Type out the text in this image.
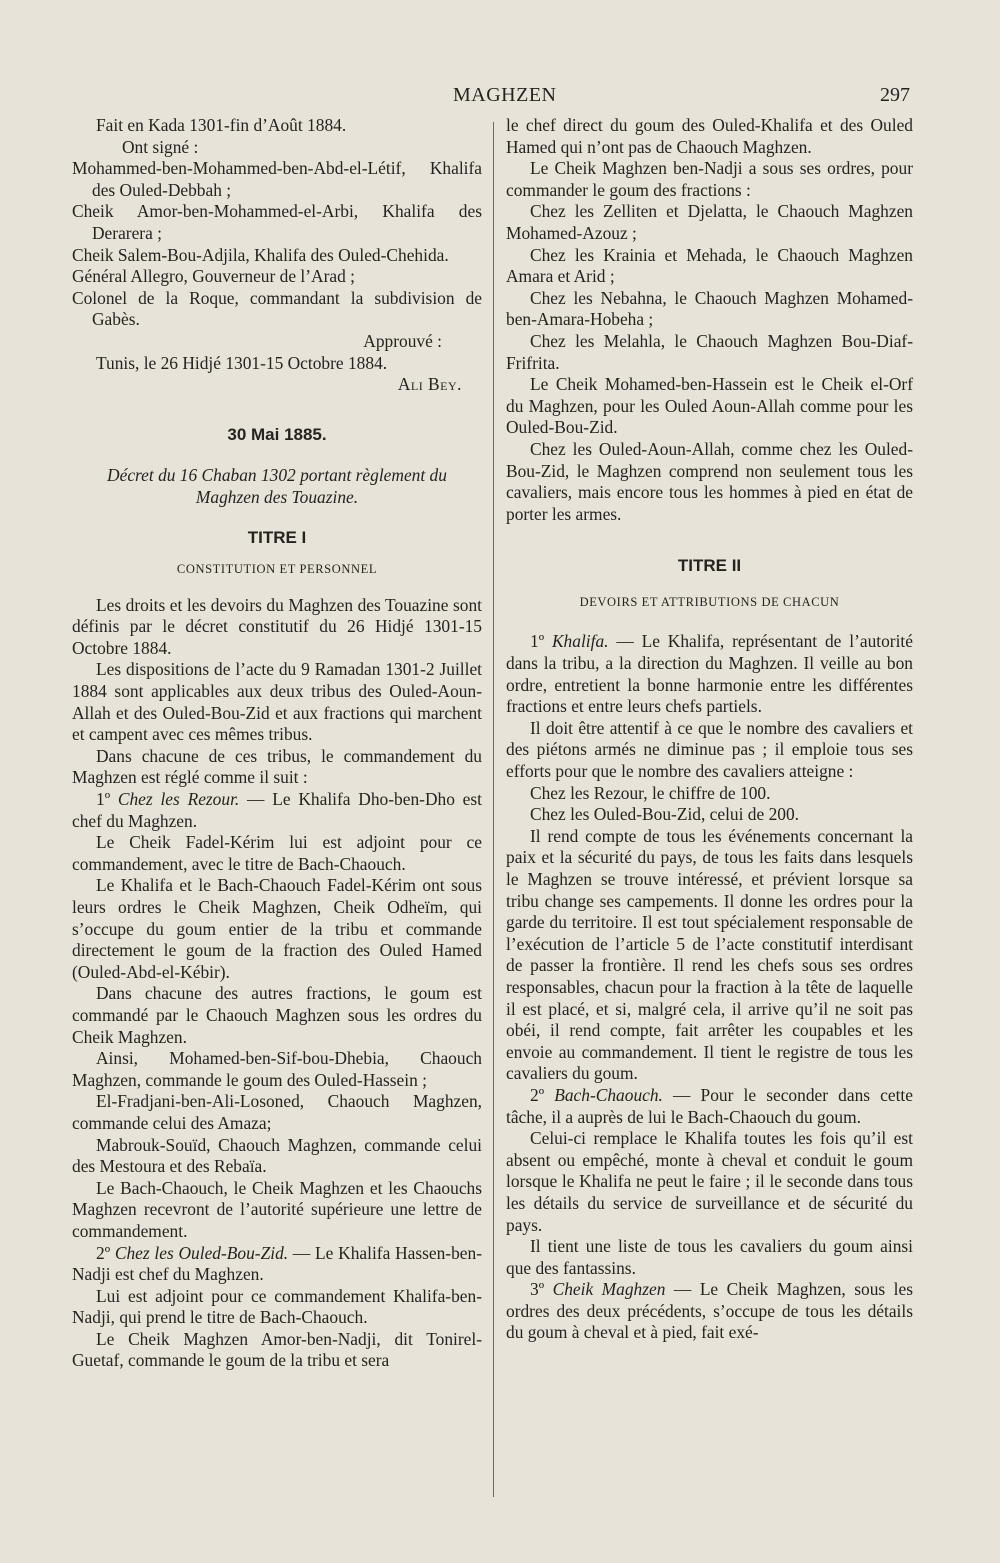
MAGHZEN	297

Fait en Kada 1301-fin d’Août 1884.

Ont signé :

Mohammed-ben-Mohammed-ben-Abd-el-Létif, Khalifa des Ouled-Debbah ;

Cheik Amor-ben-Mohammed-el-Arbi, Khalifa des Derarera ;

Cheik Salem-Bou-Adjila, Khalifa des Ouled-Chehida.

Général Allegro, Gouverneur de l’Arad ;

Colonel de la Roque, commandant la subdivision de Gabès.

Approuvé :

Tunis, le 26 Hidjé 1301-15 Octobre 1884.

Ali Bey.

30 Mai 1885.

Décret du 16 Chaban 1302 portant règlement du Maghzen des Touazine.

TITRE I

CONSTITUTION ET PERSONNEL

Les droits et les devoirs du Maghzen des Touazine sont définis par le décret constitutif du 26 Hidjé 1301-15 Octobre 1884.

Les dispositions de l’acte du 9 Ramadan 1301-2 Juillet 1884 sont applicables aux deux tribus des Ouled-Aoun-Allah et des Ouled-Bou-Zid et aux fractions qui marchent et campent avec ces mêmes tribus.

Dans chacune de ces tribus, le commandement du Maghzen est réglé comme il suit :

1º Chez les Rezour. — Le Khalifa Dho-ben-Dho est chef du Maghzen.

Le Cheik Fadel-Kérim lui est adjoint pour ce commandement, avec le titre de Bach-Chaouch.

Le Khalifa et le Bach-Chaouch Fadel-Kérim ont sous leurs ordres le Cheik Maghzen, Cheik Odheïm, qui s’occupe du goum entier de la tribu et commande directement le goum de la fraction des Ouled Hamed (Ouled-Abd-el-Kébir).

Dans chacune des autres fractions, le goum est commandé par le Chaouch Maghzen sous les ordres du Cheik Maghzen.

Ainsi, Mohamed-ben-Sif-bou-Dhebia, Chaouch Maghzen, commande le goum des Ouled-Hassein ;

El-Fradjani-ben-Ali-Losoned, Chaouch Maghzen, commande celui des Amaza;

Mabrouk-Souïd, Chaouch Maghzen, commande celui des Mestoura et des Rebaïa.

Le Bach-Chaouch, le Cheik Maghzen et les Chaouchs Maghzen recevront de l’autorité supérieure une lettre de commandement.

2º Chez les Ouled-Bou-Zid. — Le Khalifa Hassen-ben-Nadji est chef du Maghzen.

Lui est adjoint pour ce commandement Khalifa-ben-Nadji, qui prend le titre de Bach-Chaouch.

Le Cheik Maghzen Amor-ben-Nadji, dit Tonirel-Guetaf, commande le goum de la tribu et sera

le chef direct du goum des Ouled-Khalifa et des Ouled Hamed qui n’ont pas de Chaouch Maghzen.

Le Cheik Maghzen ben-Nadji a sous ses ordres, pour commander le goum des fractions :

Chez les Zelliten et Djelatta, le Chaouch Maghzen Mohamed-Azouz ;

Chez les Krainia et Mehada, le Chaouch Maghzen Amara et Arid ;

Chez les Nebahna, le Chaouch Maghzen Mohamed-ben-Amara-Hobeha ;

Chez les Melahla, le Chaouch Maghzen Bou-Diaf-Frifrita.

Le Cheik Mohamed-ben-Hassein est le Cheik el-Orf du Maghzen, pour les Ouled Aoun-Allah comme pour les Ouled-Bou-Zid.

Chez les Ouled-Aoun-Allah, comme chez les Ouled-Bou-Zid, le Maghzen comprend non seulement tous les cavaliers, mais encore tous les hommes à pied en état de porter les armes.

TITRE II

DEVOIRS ET ATTRIBUTIONS DE CHACUN

1º Khalifa. — Le Khalifa, représentant de l’autorité dans la tribu, a la direction du Maghzen. Il veille au bon ordre, entretient la bonne harmonie entre les différentes fractions et entre leurs chefs partiels.

Il doit être attentif à ce que le nombre des cavaliers et des piétons armés ne diminue pas ; il emploie tous ses efforts pour que le nombre des cavaliers atteigne :

Chez les Rezour, le chiffre de 100.

Chez les Ouled-Bou-Zid, celui de 200.

Il rend compte de tous les événements concernant la paix et la sécurité du pays, de tous les faits dans lesquels le Maghzen se trouve intéressé, et prévient lorsque sa tribu change ses campements. Il donne les ordres pour la garde du territoire. Il est tout spécialement responsable de l’exécution de l’article 5 de l’acte constitutif interdisant de passer la frontière. Il rend les chefs sous ses ordres responsables, chacun pour la fraction à la tête de laquelle il est placé, et si, malgré cela, il arrive qu’il ne soit pas obéi, il rend compte, fait arrêter les coupables et les envoie au commandement. Il tient le registre de tous les cavaliers du goum.

2º Bach-Chaouch. — Pour le seconder dans cette tâche, il a auprès de lui le Bach-Chaouch du goum.

Celui-ci remplace le Khalifa toutes les fois qu’il est absent ou empêché, monte à cheval et conduit le goum lorsque le Khalifa ne peut le faire ; il le seconde dans tous les détails du service de surveillance et de sécurité du pays.

Il tient une liste de tous les cavaliers du goum ainsi que des fantassins.

3º Cheik Maghzen — Le Cheik Maghzen, sous les ordres des deux précédents, s’occupe de tous les détails du goum à cheval et à pied, fait exé-
